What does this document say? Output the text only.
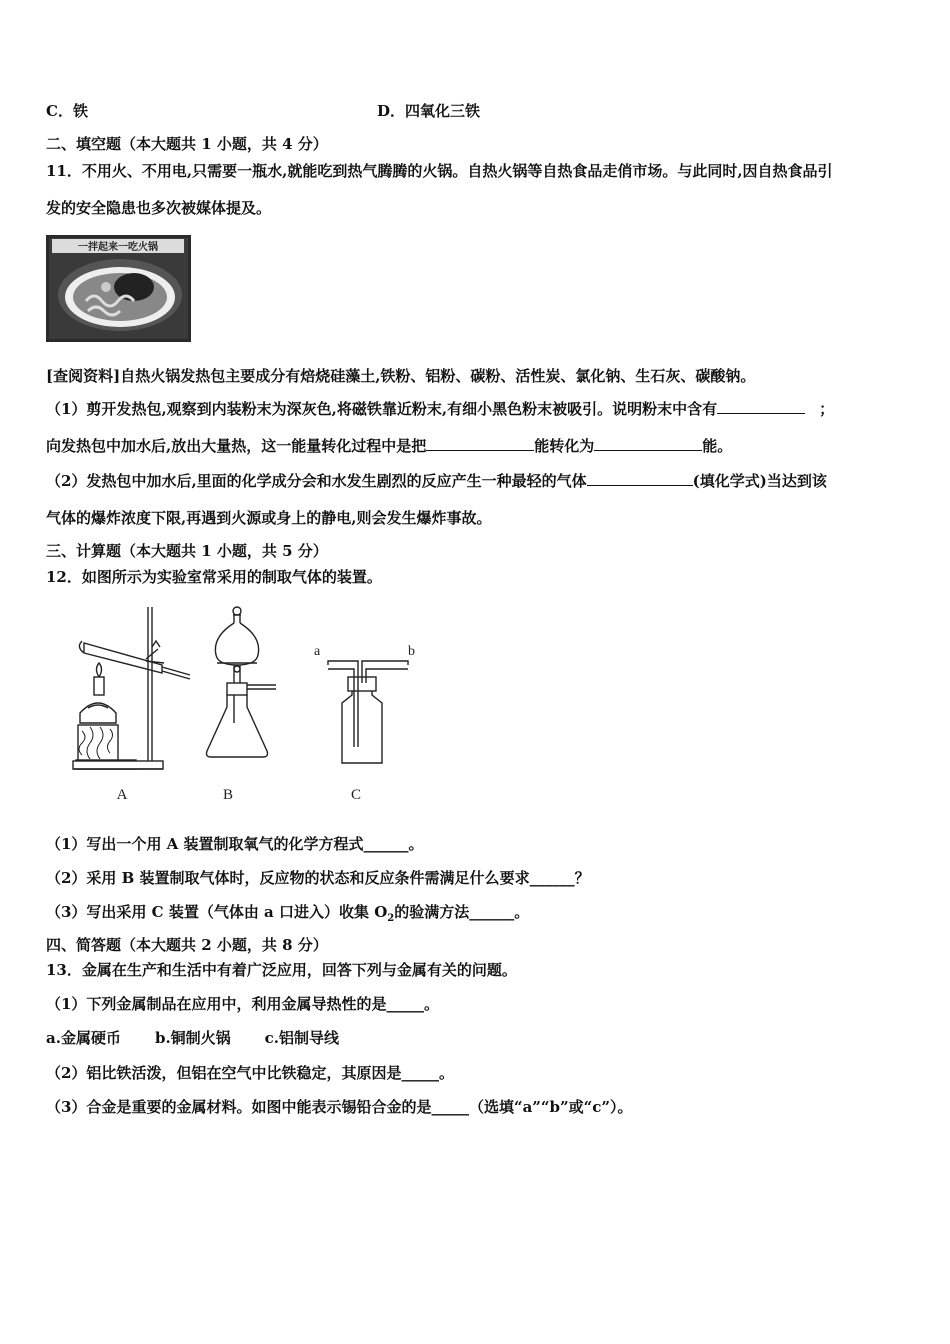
C．铁	D．四氧化三铁
二、填空题（本大题共 1 小题，共 4 分）
11．不用火、不用电,只需要一瓶水,就能吃到热气腾腾的火锅。自热火锅等自热食品走俏市场。与此同时,因自热食品引
发的安全隐患也多次被媒体提及。
一拌起来一吃火锅
[查阅资料]自热火锅发热包主要成分有焙烧硅藻土,铁粉、铝粉、碳粉、活性炭、氯化钠、生石灰、碳酸钠。
（1）剪开发热包,观察到内装粉末为深灰色,将磁铁靠近粉末,有细小黑色粉末被吸引。说明粉末中含有	；
向发热包中加水后,放出大量热，这一能量转化过程中是把	能转化为	能。
（2）发热包中加水后,里面的化学成分会和水发生剧烈的反应产生一种最轻的气体	(填化学式)当达到该
气体的爆炸浓度下限,再遇到火源或身上的静电,则会发生爆炸事故。
三、计算题（本大题共 1 小题，共 5 分）
12．如图所示为实验室常采用的制取气体的装置。
a	b
A	B	C
（1）写出一个用 A 装置制取氧气的化学方程式______。
（2）采用 B 装置制取气体时，反应物的状态和反应条件需满足什么要求______？
（3）写出采用 C 装置（气体由 a 口进入）收集 $O_2$的验满方法______。
四、简答题（本大题共 2 小题，共 8 分）
13．金属在生产和生活中有着广泛应用，回答下列与金属有关的问题。
（1）下列金属制品在应用中，利用金属导热性的是_____。
a.金属硬币 b.铜制火锅 c.铝制导线
（2）铝比铁活泼，但铝在空气中比铁稳定，其原因是_____。
（3）合金是重要的金属材料。如图中能表示锡铅合金的是_____（选填“a”“b”或“c”）。
